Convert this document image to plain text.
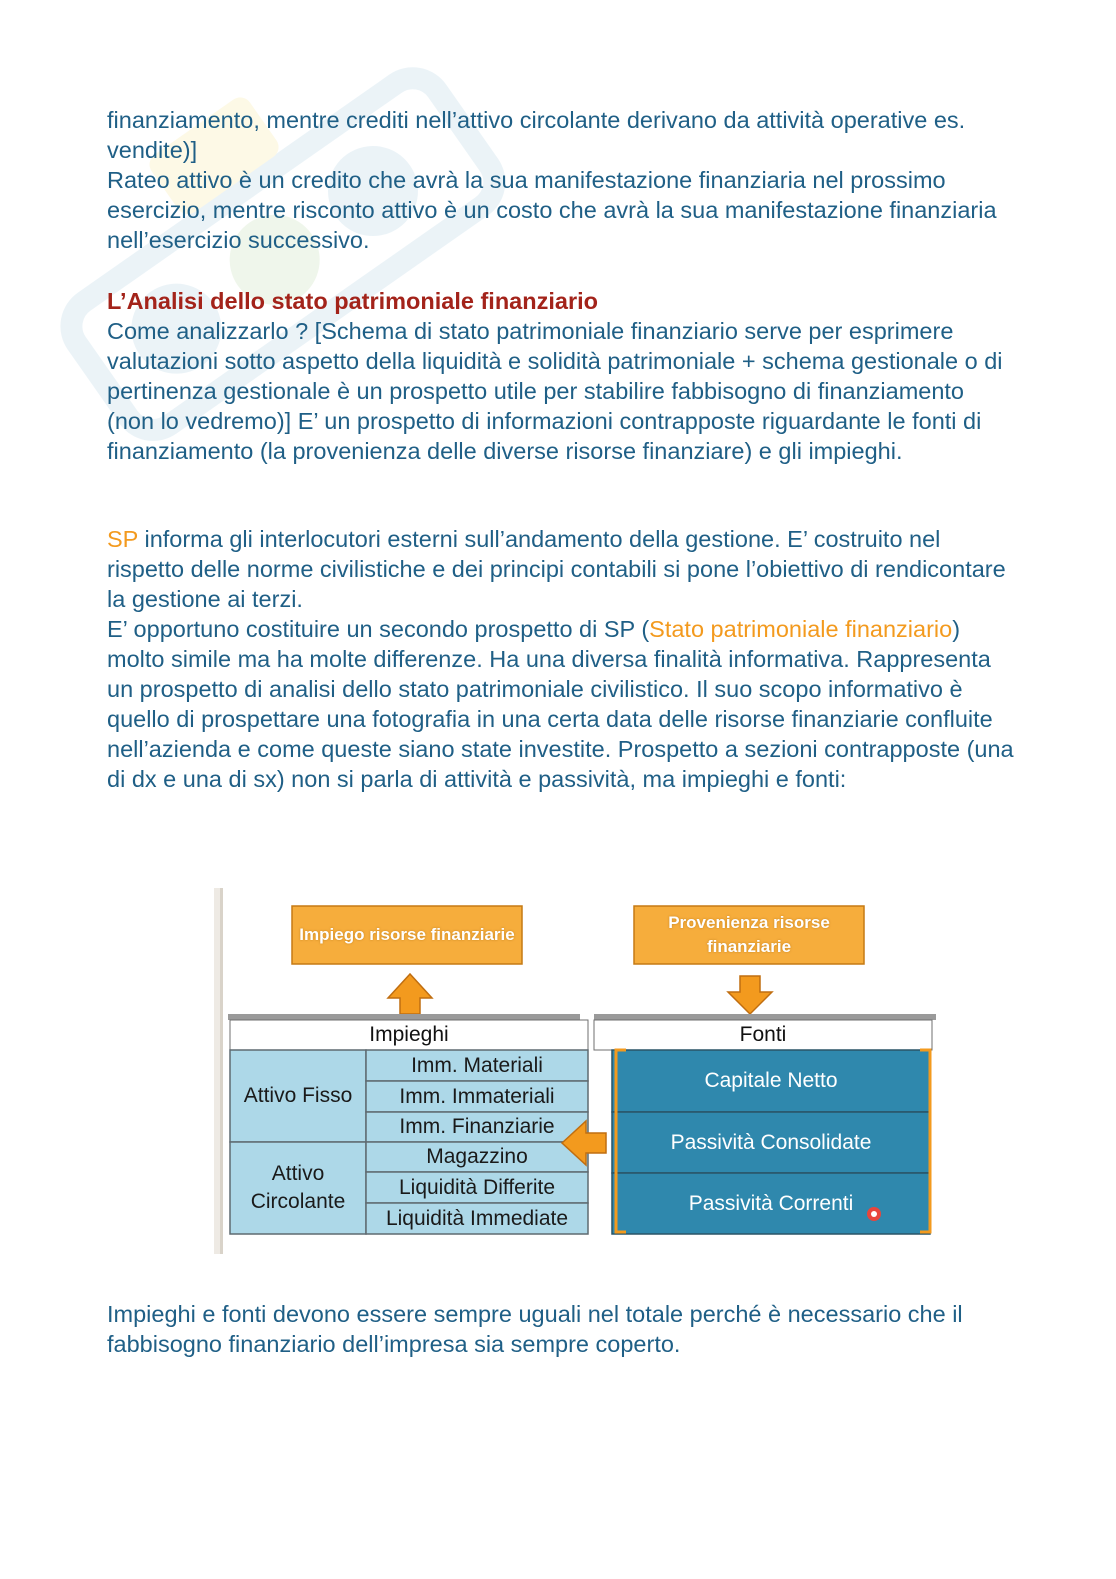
finanziamento, mentre crediti nell’attivo circolante derivano da attività operative es. vendite)]

Rateo attivo è un credito che avrà la sua manifestazione finanziaria nel prossimo esercizio, mentre risconto attivo è un costo che avrà la sua manifestazione finanziaria nell’esercizio successivo.

L’Analisi dello stato patrimoniale finanziario

Come analizzarlo ? [Schema di stato patrimoniale finanziario serve per esprimere valutazioni sotto aspetto della liquidità e solidità patrimoniale + schema gestionale o di pertinenza gestionale è un prospetto utile per stabilire fabbisogno di finanziamento (non lo vedremo)] E’ un prospetto di informazioni contrapposte riguardante le fonti di finanziamento (la provenienza delle diverse risorse finanziare) e gli impieghi.

SP informa gli interlocutori esterni sull’andamento della gestione. E’ costruito nel rispetto delle norme civilistiche e dei principi contabili si pone l’obiettivo di rendicontare la gestione ai terzi.

E’ opportuno costituire un secondo prospetto di SP (Stato patrimoniale finanziario) molto simile ma ha molte differenze. Ha una diversa finalità informativa. Rappresenta un prospetto di analisi dello stato patrimoniale civilistico. Il suo scopo informativo è quello di prospettare una fotografia in una certa data delle risorse finanziarie confluite nell’azienda e come queste siano state investite. Prospetto a sezioni contrapposte (una di dx e una di sx) non si parla di attività e passività, ma impieghi e fonti:

Impiego risorse finanziarie
Provenienza risorse finanziarie
Impieghi	Fonti
Attivo Fisso
Attivo Circolante
Imm. Materiali
Imm. Immateriali
Imm. Finanziarie
Magazzino
Liquidità Differite
Liquidità Immediate
Capitale Netto
Passività Consolidate
Passività Correnti

Impieghi e fonti devono essere sempre uguali nel totale perché è necessario che il fabbisogno finanziario dell’impresa sia sempre coperto.
